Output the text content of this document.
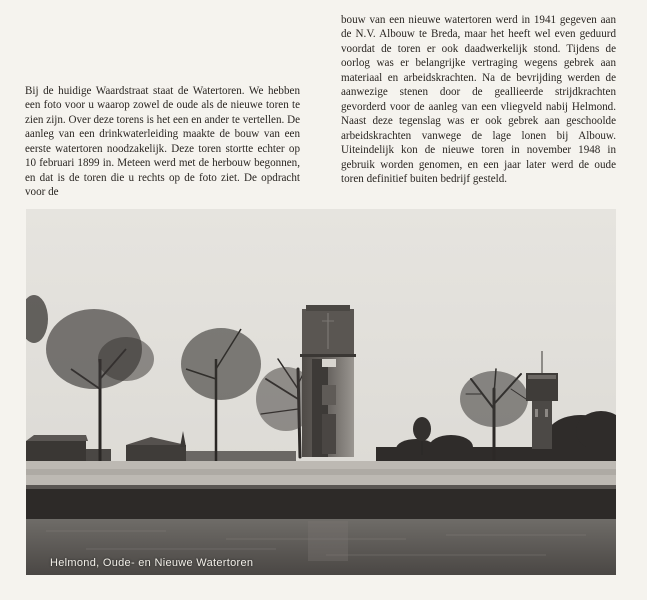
Bij de huidige Waardstraat staat de Watertoren. We hebben een foto voor u waarop zowel de oude als de nieuwe toren te zien zijn. Over deze torens is het een en ander te vertellen. De aanleg van een drinkwaterleiding maakte de bouw van een eerste watertoren noodzakelijk. Deze toren stortte echter op 10 februari 1899 in. Meteen werd met de herbouw begonnen, en dat is de toren die u rechts op de foto ziet. De opdracht voor de

bouw van een nieuwe watertoren werd in 1941 gegeven aan de N.V. Albouw te Breda, maar het heeft wel even geduurd voordat de toren er ook daadwerkelijk stond. Tijdens de oorlog was er belangrijke vertraging wegens gebrek aan materiaal en arbeidskrachten. Na de bevrijding werden de aanwezige stenen door de geallieerde strijdkrachten gevorderd voor de aanleg van een vliegveld nabij Helmond. Naast deze tegenslag was er ook gebrek aan geschoolde arbeidskrachten vanwege de lage lonen bij Albouw. Uiteindelijk kon de nieuwe toren in november 1948 in gebruik worden genomen, en een jaar later werd de oude toren definitief buiten bedrijf gesteld.

Helmond, Oude- en Nieuwe Watertoren
